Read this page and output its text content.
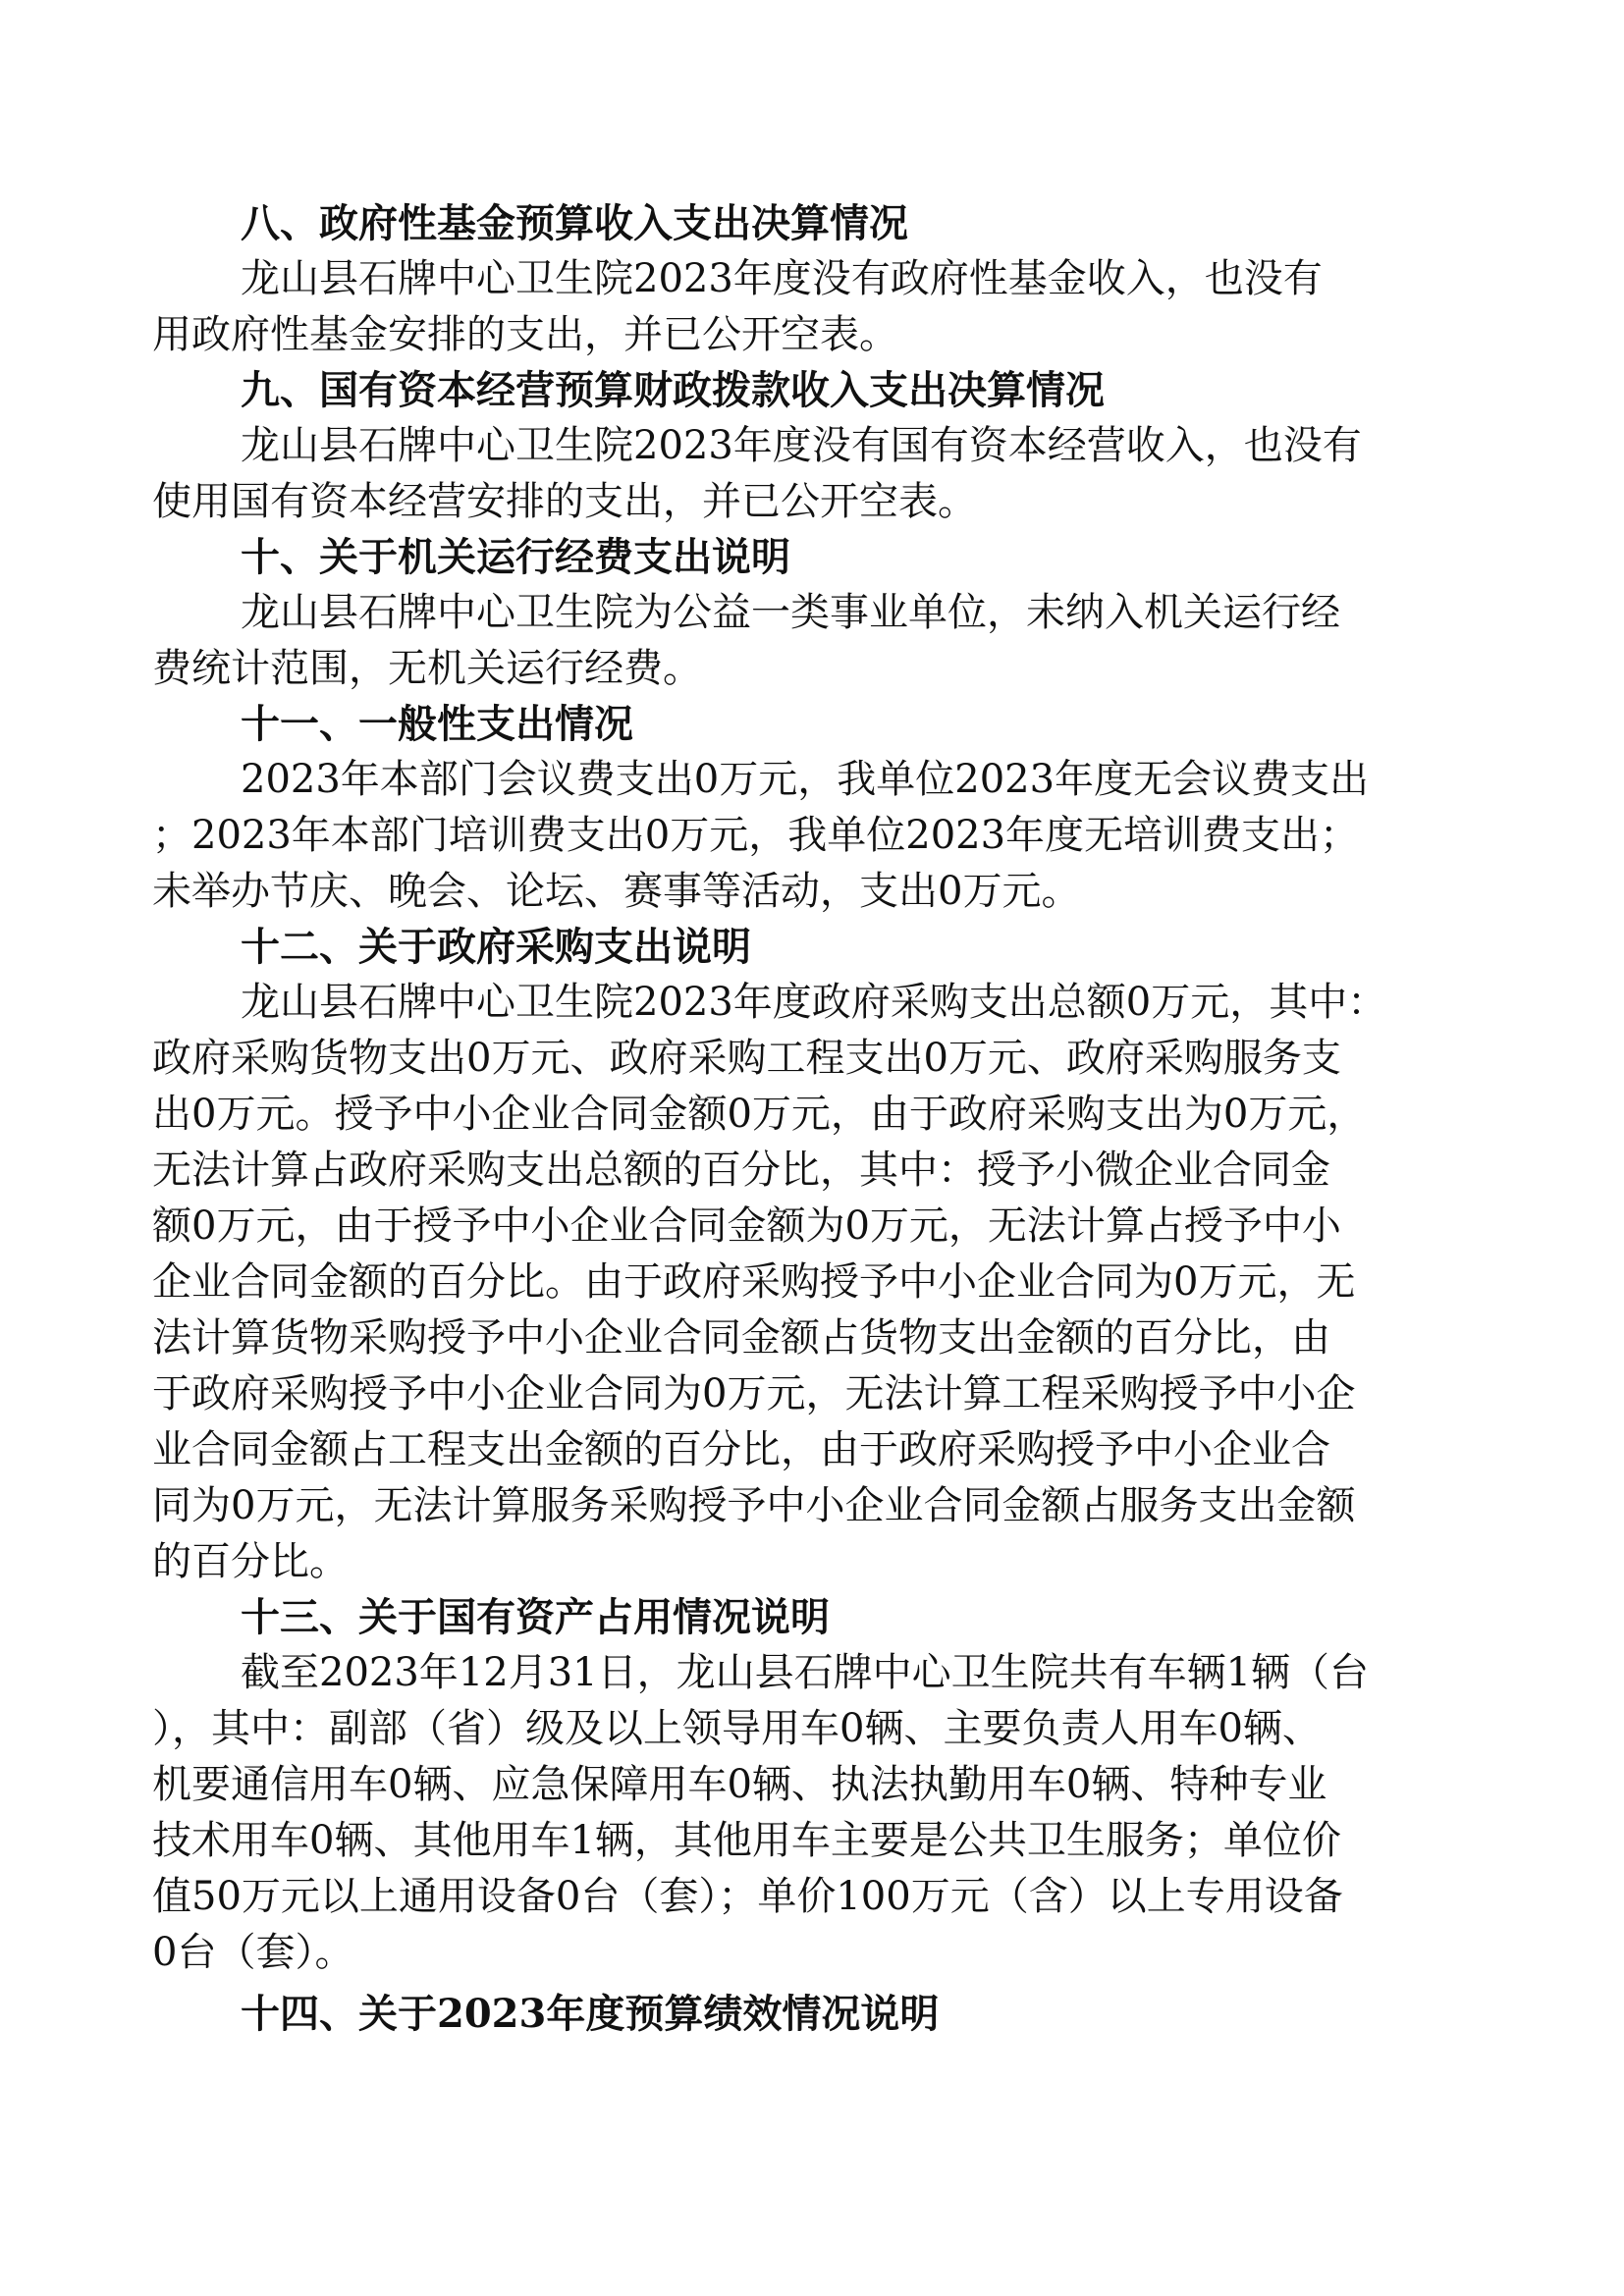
八、政府性基金预算收入支出决算情况

龙山县石牌中心卫生院2023年度没有政府性基金收入，也没有
用政府性基金安排的支出，并已公开空表。

九、国有资本经营预算财政拨款收入支出决算情况

龙山县石牌中心卫生院2023年度没有国有资本经营收入，也没有
使用国有资本经营安排的支出，并已公开空表。

十、关于机关运行经费支出说明

龙山县石牌中心卫生院为公益一类事业单位，未纳入机关运行经
费统计范围，无机关运行经费。

十一、一般性支出情况

2023年本部门会议费支出0万元，我单位2023年度无会议费支出
；2023年本部门培训费支出0万元，我单位2023年度无培训费支出；
未举办节庆、晚会、论坛、赛事等活动，支出0万元。

十二、关于政府采购支出说明

龙山县石牌中心卫生院2023年度政府采购支出总额0万元，其中：
政府采购货物支出0万元、政府采购工程支出0万元、政府采购服务支
出0万元。授予中小企业合同金额0万元，由于政府采购支出为0万元，
无法计算占政府采购支出总额的百分比，其中：授予小微企业合同金
额0万元，由于授予中小企业合同金额为0万元，无法计算占授予中小
企业合同金额的百分比。由于政府采购授予中小企业合同为0万元，无
法计算货物采购授予中小企业合同金额占货物支出金额的百分比，由
于政府采购授予中小企业合同为0万元，无法计算工程采购授予中小企
业合同金额占工程支出金额的百分比，由于政府采购授予中小企业合
同为0万元，无法计算服务采购授予中小企业合同金额占服务支出金额
的百分比。

十三、关于国有资产占用情况说明

截至2023年12月31日，龙山县石牌中心卫生院共有车辆1辆（台
），其中：副部（省）级及以上领导用车0辆、主要负责人用车0辆、
机要通信用车0辆、应急保障用车0辆、执法执勤用车0辆、特种专业
技术用车0辆、其他用车1辆，其他用车主要是公共卫生服务；单位价
值50万元以上通用设备0台（套）；单价100万元（含）以上专用设备
0台（套）。

十四、关于2023年度预算绩效情况说明
